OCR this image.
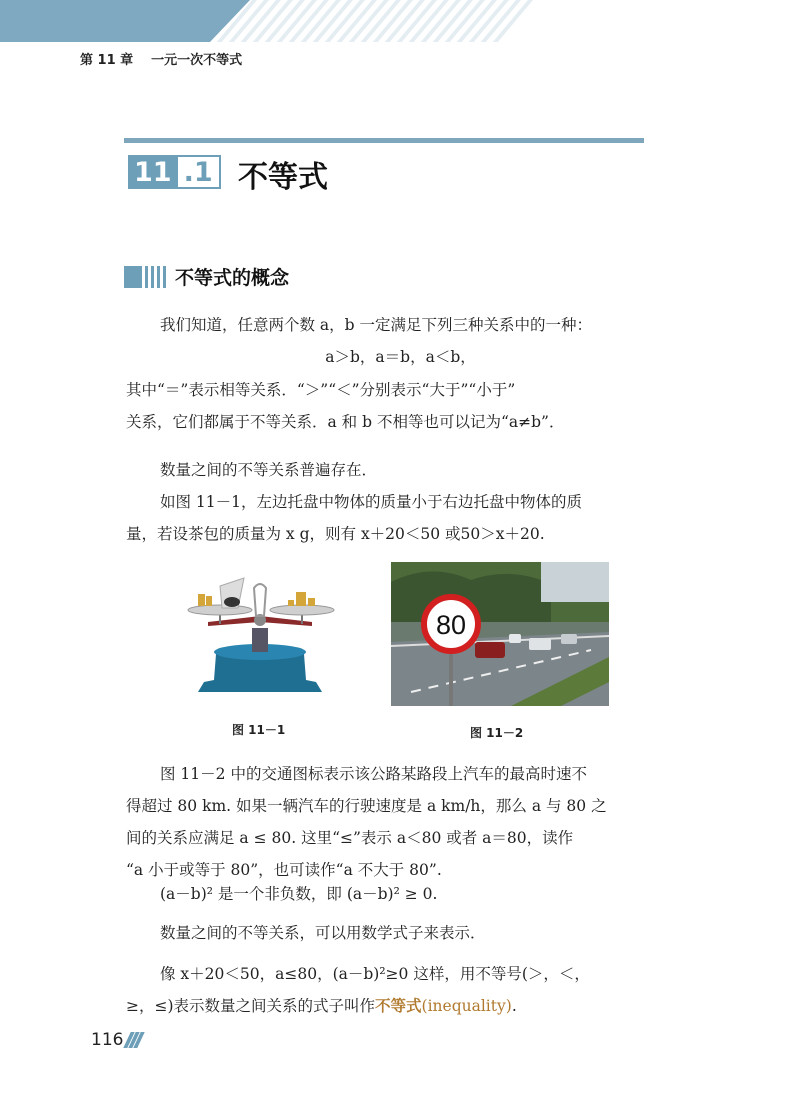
第 11 章 一元一次不等式
11 .1 不等式
不等式的概念
我们知道，任意两个数 a，b 一定满足下列三种关系中的一种：
a＞b，a＝b，a＜b，
其中“＝”表示相等关系．“＞”“＜”分别表示“大于”“小于”
关系，它们都属于不等关系．a 和 b 不相等也可以记为“a≠b”．
数量之间的不等关系普遍存在．
如图 11－1，左边托盘中物体的质量小于右边托盘中物体的质
量，若设茶包的质量为 x g，则有 x＋20＜50 或50＞x＋20.
图 11－1
80
图 11－2
图 11－2 中的交通图标表示该公路某路段上汽车的最高时速不
得超过 80 km. 如果一辆汽车的行驶速度是 a km/h，那么 a 与 80 之
间的关系应满足 a ≤ 80. 这里“≤”表示 a＜80 或者 a＝80，读作
“a 小于或等于 80”，也可读作“a 不大于 80”.
(a－b)² 是一个非负数，即 (a－b)² ≥ 0.
数量之间的不等关系，可以用数学式子来表示．
像 x＋20＜50，a≤80，(a－b)²≥0 这样，用不等号(＞，＜，
≥，≤)表示数量之间关系的式子叫作不等式(inequality).
116
